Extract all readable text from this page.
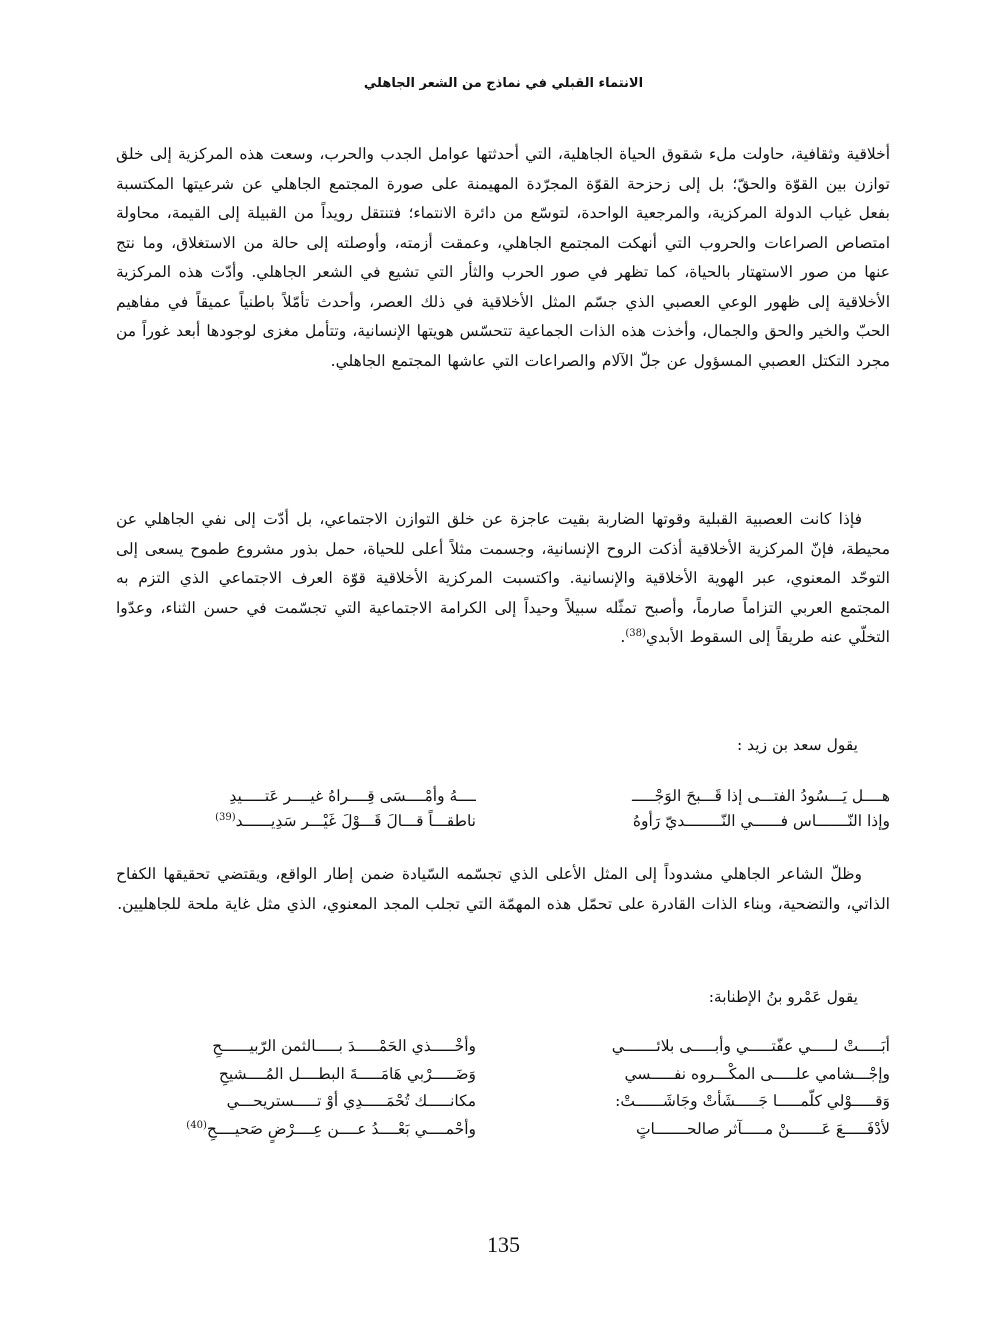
الانتماء القبلي في نماذج من الشعر الجاهلي
أخلاقية وثقافية، حاولت ملء شقوق الحياة الجاهلية، التي أحدثتها عوامل الجدب والحرب، وسعت هذه المركزية إلى خلق توازن بين القوّة والحقّ؛ بل إلى زحزحة القوّة المجرّدة المهيمنة على صورة المجتمع الجاهلي عن شرعيتها المكتسبة بفعل غياب الدولة المركزية، والمرجعية الواحدة، لتوسّع من دائرة الانتماء؛ فتنتقل رويداً من القبيلة إلى القيمة، محاولة امتصاص الصراعات والحروب التي أنهكت المجتمع الجاهلي، وعمقت أزمته، وأوصلته إلى حالة من الاستغلاق، وما نتج عنها من صور الاستهتار بالحياة، كما تظهر في صور الحرب والثأر التي تشيع في الشعر الجاهلي. وأدّت هذه المركزية الأخلاقية إلى ظهور الوعي العصبي الذي جسّم المثل الأخلاقية في ذلك العصر، وأحدث تأمّلاً باطنياً عميقاً في مفاهيم الحبّ والخير والحق والجمال، وأخذت هذه الذات الجماعية تتحسّس هويتها الإنسانية، وتتأمل مغزى لوجودها أبعد غوراً من مجرد التكتل العصبي المسؤول عن جلّ الآلام والصراعات التي عاشها المجتمع الجاهلي.
فإذا كانت العصبية القبلية وقوتها الضاربة بقيت عاجزة عن خلق التوازن الاجتماعي، بل أدّت إلى نفي الجاهلي عن محيطة، فإنّ المركزية الأخلاقية أذكت الروح الإنسانية، وجسمت مثلاً أعلى للحياة، حمل بذور مشروع طموح يسعى إلى التوحّد المعنوي، عبر الهوية الأخلاقية والإنسانية. واكتسبت المركزية الأخلاقية قوّة العرف الاجتماعي الذي التزم به المجتمع العربي التزاماً صارماً، وأصبح تمثّله سبيلاً وحيداً إلى الكرامة الاجتماعية التي تجسّمت في حسن الثناء، وعدّوا التخلّي عنه طريقاً إلى السقوط الأبدي$^{(38)}$.
يقول سعد بن زيد :
هــــل يَـــسُودُ الفتـــى إذا قَـــبحَ الوَجْـــــ
ــــهُ وأمْــــسَى قِــــراهُ غيــــر عَتـــــيدِ
وإذا النّـــــــاس فــــــي النّــــــــديّ رَأوهُ
ناطقـــاً قـــالَ قَـــوْلَ غَيْـــر سَدِيــــــد$^{(39)}$
وظلّ الشاعر الجاهلي مشدوداً إلى المثل الأعلى الذي تجسّمه السّيادة ضمن إطار الواقع، ويقتضي تحقيقها الكفاح الذاتي، والتضحية، وبناء الذات القادرة على تحمّل هذه المهمّة التي تجلب المجد المعنوي، الذي مثل غاية ملحة للجاهليين.
يقول عَمْرو بنُ الإطنابة:
أبَـــــتْ لـــــي عفّتـــــي وأبـــــى بلائـــــــي
وأخْـــــذي الحَمْـــــدَ بـــــالثمن الرّبيــــــحِ
وإجْـــشامي علـــــى المكْـــروه نفـــــسي
وَضَـــــرْبي هَامَـــــةَ البطــــل المُــــشيحِ
وَقـــــوْلي كلّمـــــا جَـــــشَأتْ وجَاشَــــــتْ:
مكانـــــك تُحْمَـــــدِي أوْ تـــــستريحـــي
لأدْفَـــــعَ عَـــــــنْ مـــــآثر صالحـــــــاتٍ
وأحْمــــي بَعْــــدُ عــــن عِــــرْضٍ صَحيــــحِ$^{(40)}$
135
